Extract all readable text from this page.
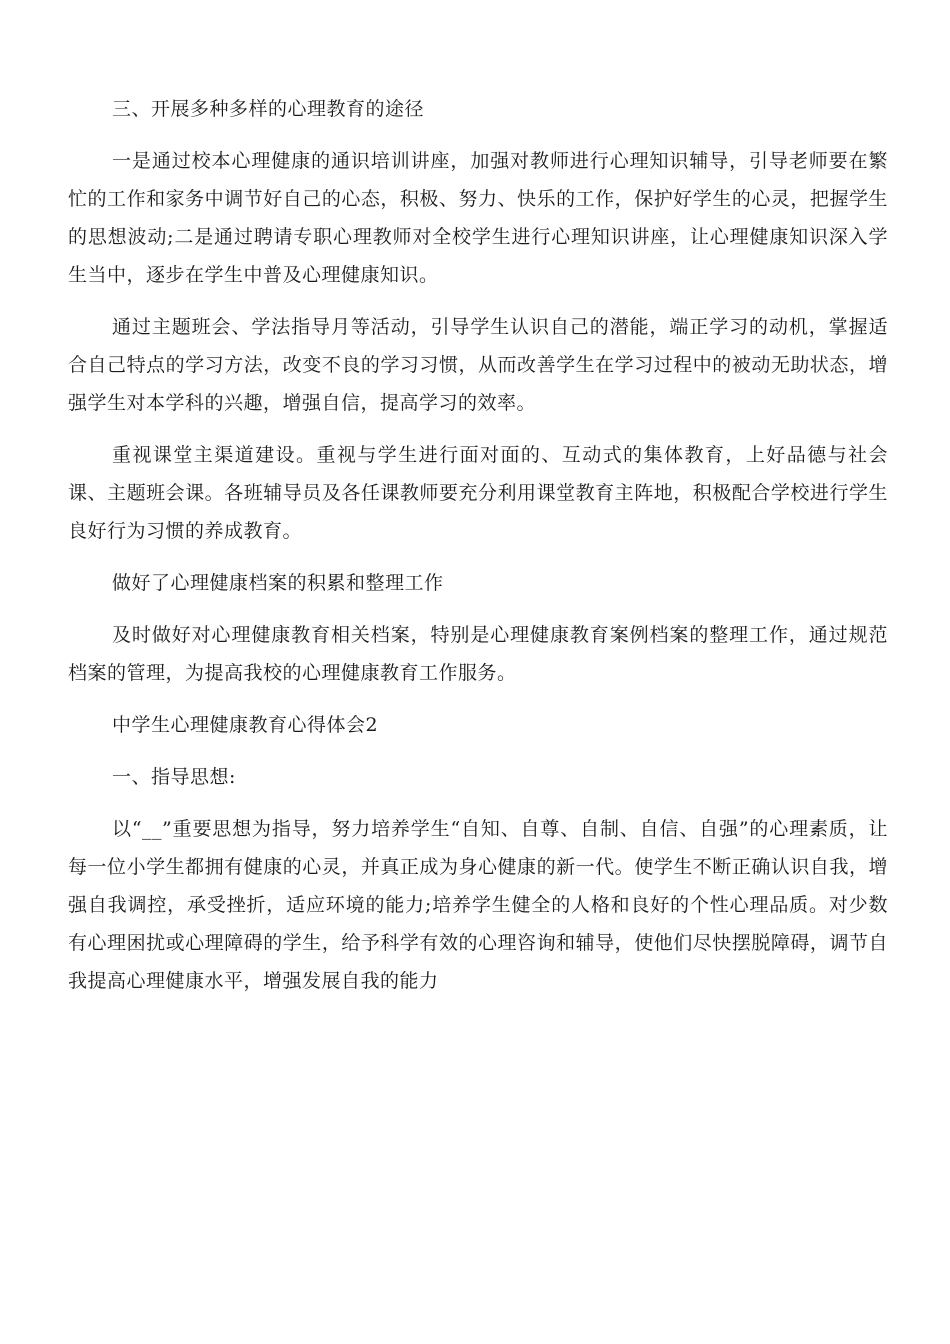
三、开展多种多样的心理教育的途径

一是通过校本心理健康的通识培训讲座，加强对教师进行心理知识辅导，引导老师要在繁忙的工作和家务中调节好自己的心态，积极、努力、快乐的工作，保护好学生的心灵，把握学生的思想波动;二是通过聘请专职心理教师对全校学生进行心理知识讲座，让心理健康知识深入学生当中，逐步在学生中普及心理健康知识。

通过主题班会、学法指导月等活动，引导学生认识自己的潜能，端正学习的动机，掌握适合自己特点的学习方法，改变不良的学习习惯，从而改善学生在学习过程中的被动无助状态，增强学生对本学科的兴趣，增强自信，提高学习的效率。

重视课堂主渠道建设。重视与学生进行面对面的、互动式的集体教育，上好品德与社会课、主题班会课。各班辅导员及各任课教师要充分利用课堂教育主阵地，积极配合学校进行学生良好行为习惯的养成教育。

做好了心理健康档案的积累和整理工作

及时做好对心理健康教育相关档案，特别是心理健康教育案例档案的整理工作，通过规范档案的管理，为提高我校的心理健康教育工作服务。

中学生心理健康教育心得体会2

一、指导思想:

以“__”重要思想为指导，努力培养学生“自知、自尊、自制、自信、自强”的心理素质，让每一位小学生都拥有健康的心灵，并真正成为身心健康的新一代。使学生不断正确认识自我，增强自我调控，承受挫折，适应环境的能力;培养学生健全的人格和良好的个性心理品质。对少数有心理困扰或心理障碍的学生，给予科学有效的心理咨询和辅导，使他们尽快摆脱障碍，调节自我提高心理健康水平，增强发展自我的能力
